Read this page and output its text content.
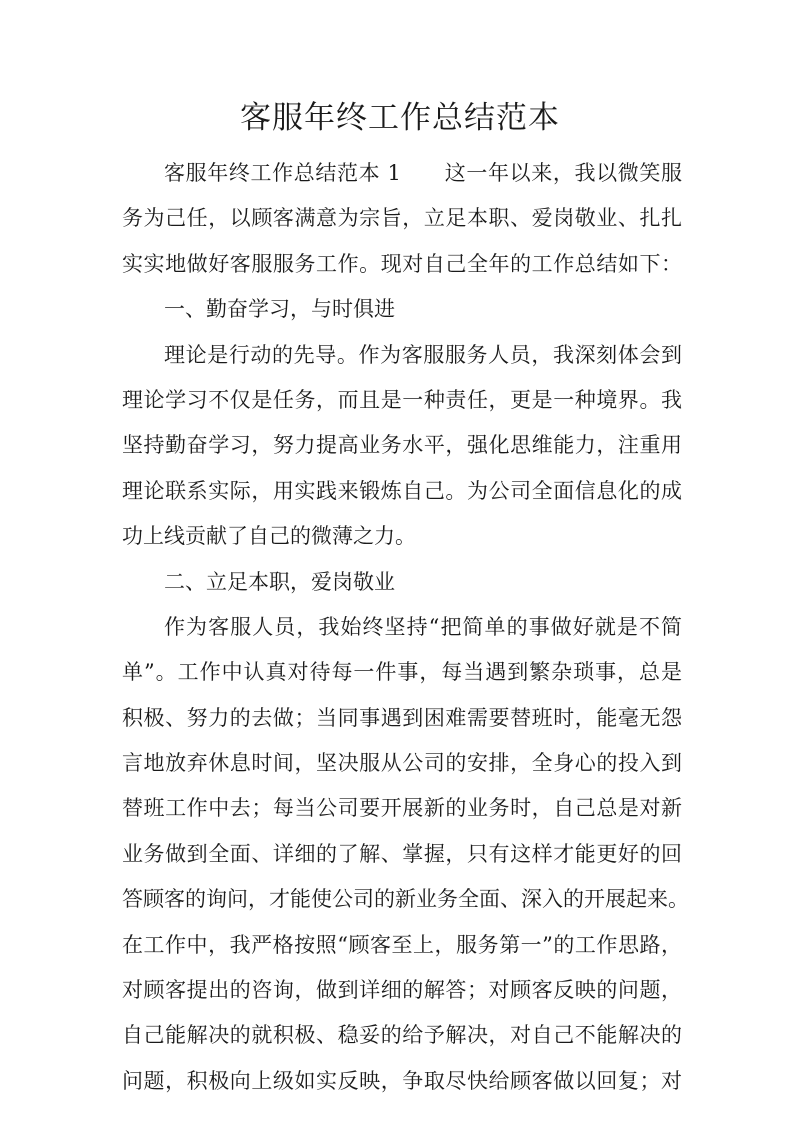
客服年终工作总结范本
客服年终工作总结范本 1　　这一年以来，我以微笑服
务为己任，以顾客满意为宗旨，立足本职、爱岗敬业、扎扎
实实地做好客服服务工作。现对自己全年的工作总结如下：
一、勤奋学习，与时俱进
理论是行动的先导。作为客服服务人员，我深刻体会到
理论学习不仅是任务，而且是一种责任，更是一种境界。我
坚持勤奋学习，努力提高业务水平，强化思维能力，注重用
理论联系实际，用实践来锻炼自己。为公司全面信息化的成
功上线贡献了自己的微薄之力。
二、立足本职，爱岗敬业
作为客服人员，我始终坚持“把简单的事做好就是不简
单”。工作中认真对待每一件事，每当遇到繁杂琐事，总是
积极、努力的去做；当同事遇到困难需要替班时，能毫无怨
言地放弃休息时间，坚决服从公司的安排，全身心的投入到
替班工作中去；每当公司要开展新的业务时，自己总是对新
业务做到全面、详细的了解、掌握，只有这样才能更好的回
答顾客的询问，才能使公司的新业务全面、深入的开展起来。
在工作中，我严格按照“顾客至上，服务第一”的工作思路，
对顾客提出的咨询，做到详细的解答；对顾客反映的问题，
自己能解决的就积极、稳妥的给予解决，对自己不能解决的
问题，积极向上级如实反映，争取尽快给顾客做以回复；对
